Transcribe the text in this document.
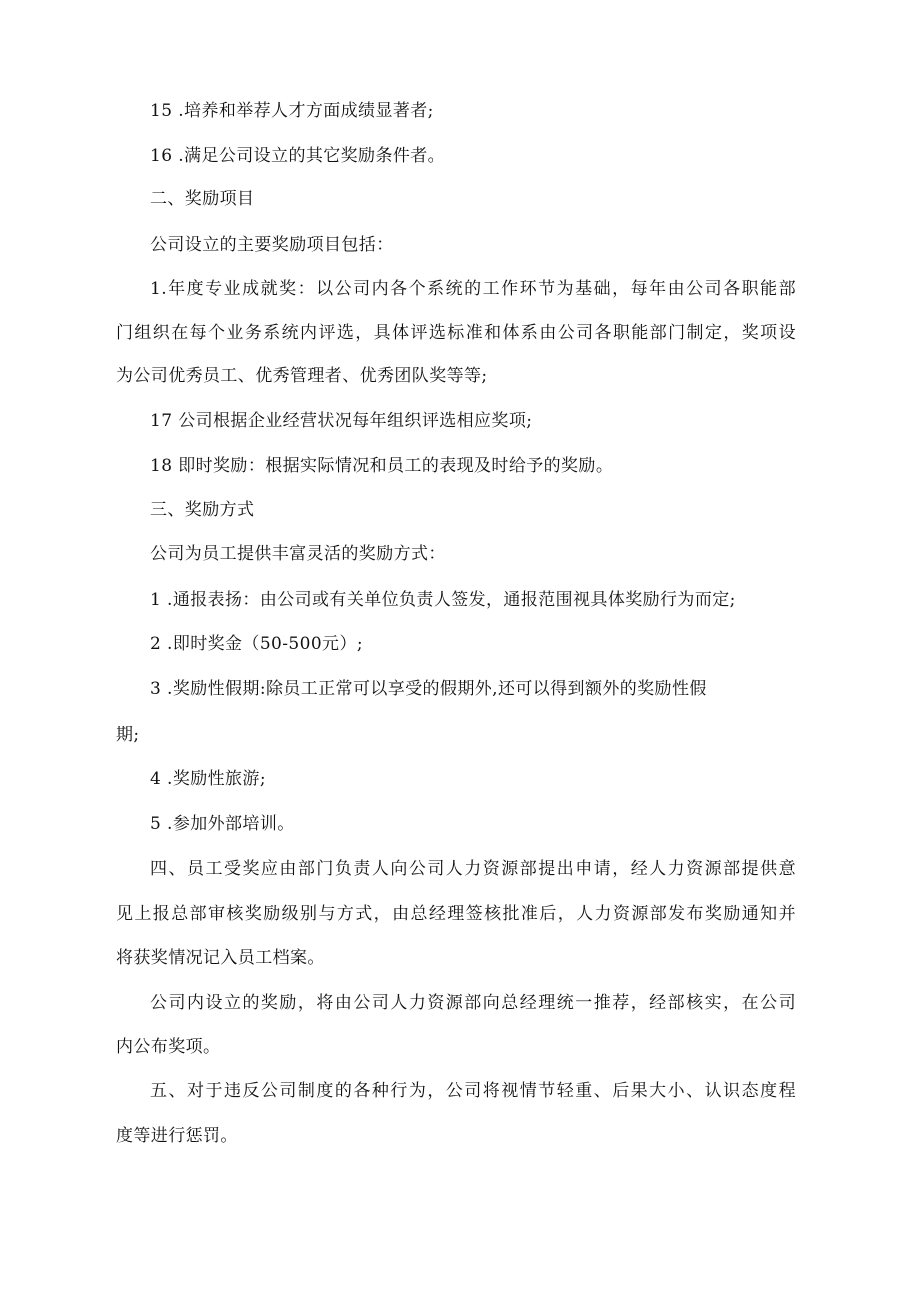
15 .培养和举荐人才方面成绩显著者;
16 .满足公司设立的其它奖励条件者。
二、奖励项目
公司设立的主要奖励项目包括：
1.年度专业成就奖：以公司内各个系统的工作环节为基础，每年由公司各职能部
门组织在每个业务系统内评选，具体评选标准和体系由公司各职能部门制定，奖项设
为公司优秀员工、优秀管理者、优秀团队奖等等;
17 公司根据企业经营状况每年组织评选相应奖项;
18 即时奖励：根据实际情况和员工的表现及时给予的奖励。
三、奖励方式
公司为员工提供丰富灵活的奖励方式：
1 .通报表扬：由公司或有关单位负责人签发，通报范围视具体奖励行为而定;
2 .即时奖金（50-500元）;
3 .奖励性假期:除员工正常可以享受的假期外,还可以得到额外的奖励性假
期;
4 .奖励性旅游;
5 .参加外部培训。
四、员工受奖应由部门负责人向公司人力资源部提出申请，经人力资源部提供意
见上报总部审核奖励级别与方式，由总经理签核批准后，人力资源部发布奖励通知并
将获奖情况记入员工档案。
公司内设立的奖励，将由公司人力资源部向总经理统一推荐，经部核实，在公司
内公布奖项。
五、对于违反公司制度的各种行为，公司将视情节轻重、后果大小、认识态度程
度等进行惩罚。
